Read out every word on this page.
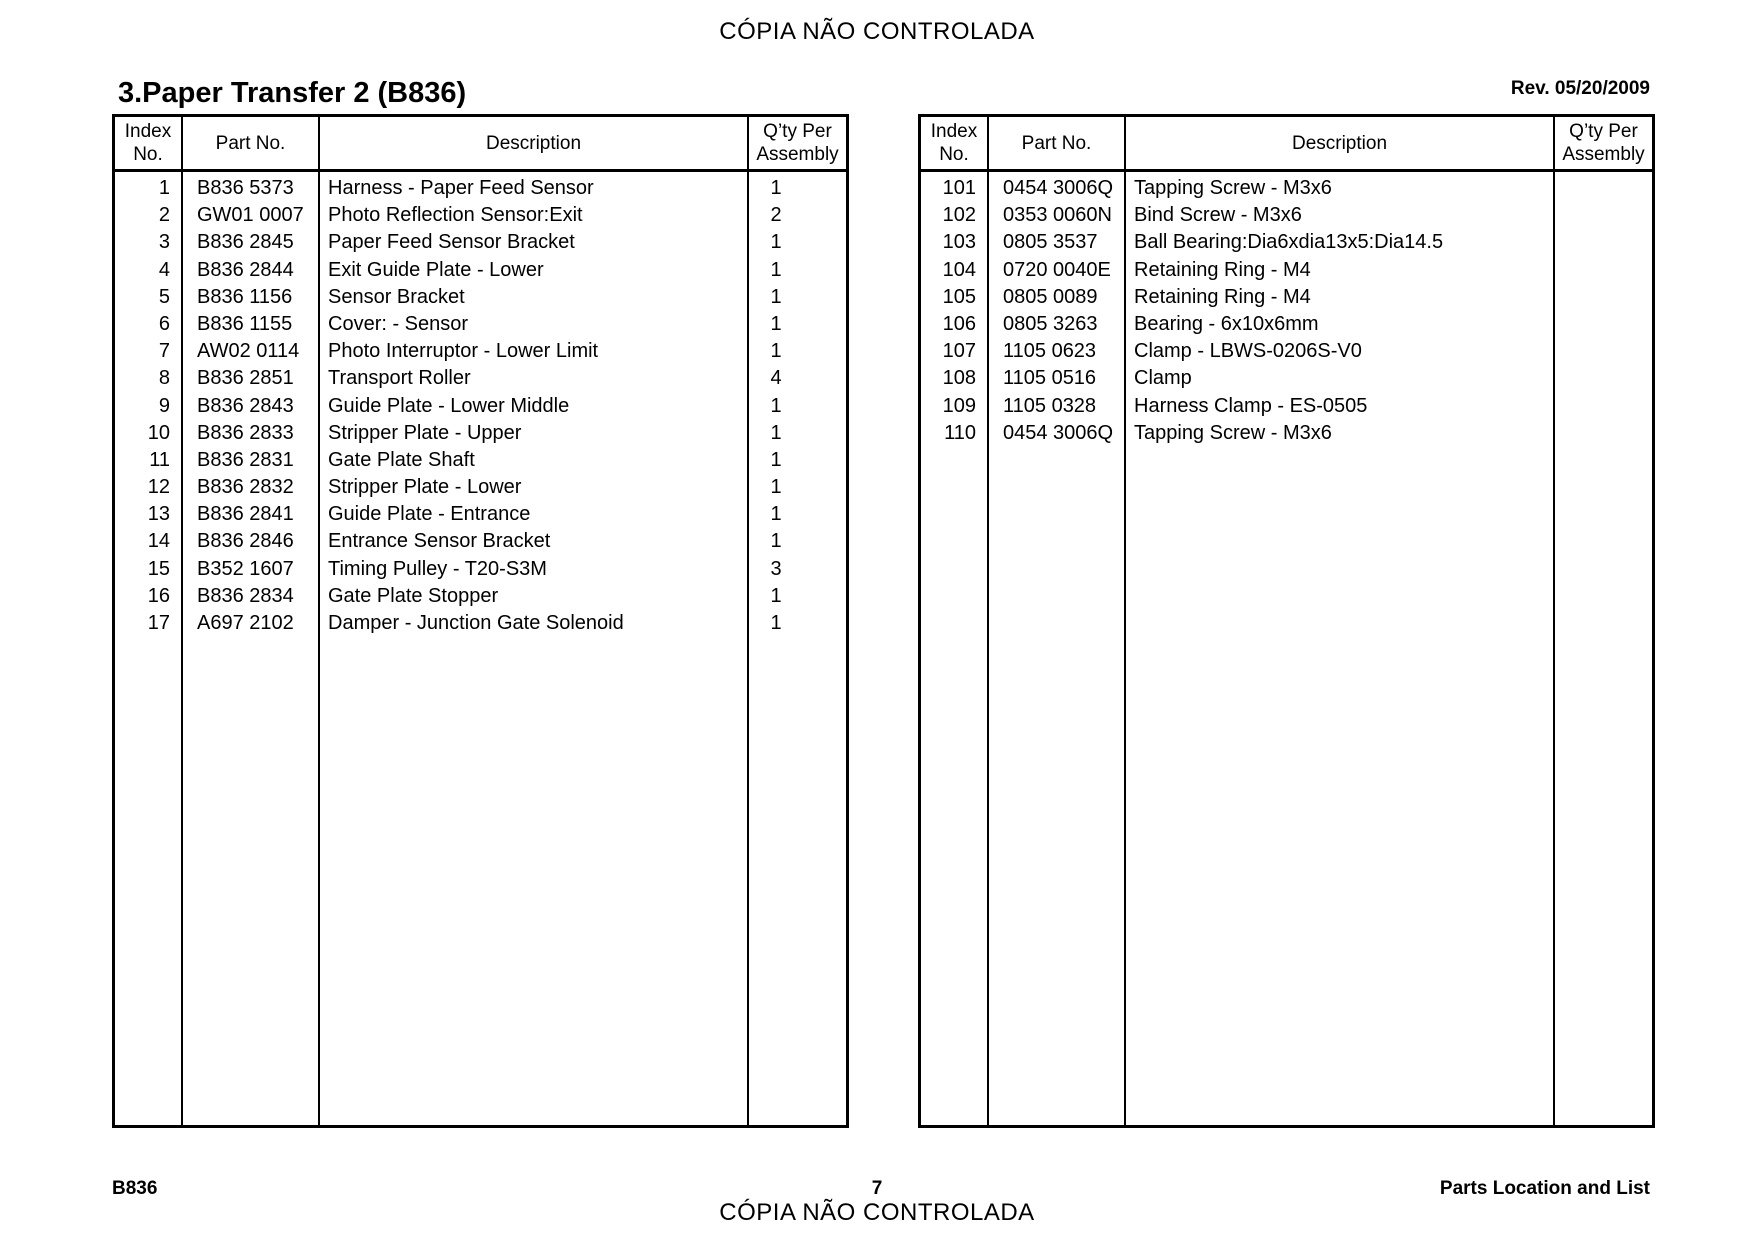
CÓPIA NÃO CONTROLADA
3.Paper Transfer 2 (B836)	Rev. 05/20/2009
Index
No.
Part No.	Description
Q’ty Per
Assembly
1 B836 5373	Harness - Paper Feed Sensor	1
2 GW01 0007	Photo Reflection Sensor:Exit	2
3 B836 2845	Paper Feed Sensor Bracket	1
4 B836 2844	Exit Guide Plate - Lower	1
5 B836 1156	Sensor Bracket	1
6 B836 1155	Cover: - Sensor	1
7 AW02 0114	Photo Interruptor - Lower Limit	1
8 B836 2851	Transport Roller	4
9 B836 2843	Guide Plate - Lower Middle	1
10 B836 2833	Stripper Plate - Upper	1
11 B836 2831	Gate Plate Shaft	1
12 B836 2832	Stripper Plate - Lower	1
13 B836 2841	Guide Plate - Entrance	1
14 B836 2846	Entrance Sensor Bracket	1
15 B352 1607	Timing Pulley - T20-S3M	3
16 B836 2834	Gate Plate Stopper	1
17 A697 2102	Damper - Junction Gate Solenoid	1
Index
No.
Part No.	Description
Q’ty Per
Assembly
101 0454 3006Q	Tapping Screw - M3x6
102 0353 0060N	Bind Screw - M3x6
103 0805 3537	Ball Bearing:Dia6xdia13x5:Dia14.5
104 0720 0040E	Retaining Ring - M4
105 0805 0089	Retaining Ring - M4
106 0805 3263	Bearing - 6x10x6mm
107 1105 0623	Clamp - LBWS-0206S-V0
108 1105 0516	Clamp
109 1105 0328	Harness Clamp - ES-0505
110 0454 3006Q	Tapping Screw - M3x6
B836	7	Parts Location and List
CÓPIA NÃO CONTROLADA
